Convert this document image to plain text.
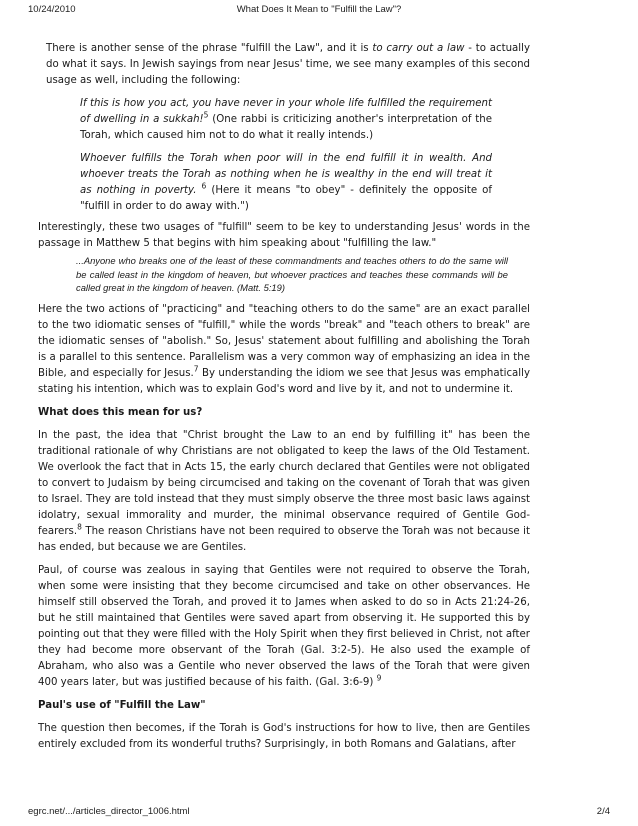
10/24/2010	What Does It Mean to "Fulfill the Law"?

There is another sense of the phrase "fulfill the Law", and it is to carry out a law - to actually do what it says. In Jewish sayings from near Jesus' time, we see many examples of this second usage as well, including the following:

If this is how you act, you have never in your whole life fulfilled the requirement of dwelling in a sukkah!$^5$ (One rabbi is criticizing another's interpretation of the Torah, which caused him not to do what it really intends.)

Whoever fulfills the Torah when poor will in the end fulfill it in wealth. And whoever treats the Torah as nothing when he is wealthy in the end will treat it as nothing in poverty. $^6$ (Here it means "to obey" - definitely the opposite of "fulfill in order to do away with.")

Interestingly, these two usages of "fulfill" seem to be key to understanding Jesus' words in the passage in Matthew 5 that begins with him speaking about "fulfilling the law."

...Anyone who breaks one of the least of these commandments and teaches others to do the same will be called least in the kingdom of heaven, but whoever practices and teaches these commands will be called great in the kingdom of heaven. (Matt. 5:19)

Here the two actions of "practicing" and "teaching others to do the same" are an exact parallel to the two idiomatic senses of "fulfill," while the words "break" and "teach others to break" are the idiomatic senses of "abolish." So, Jesus' statement about fulfilling and abolishing the Torah is a parallel to this sentence. Parallelism was a very common way of emphasizing an idea in the Bible, and especially for Jesus.$^7$ By understanding the idiom we see that Jesus was emphatically stating his intention, which was to explain God's word and live by it, and not to undermine it.

What does this mean for us?

In the past, the idea that "Christ brought the Law to an end by fulfilling it" has been the traditional rationale of why Christians are not obligated to keep the laws of the Old Testament. We overlook the fact that in Acts 15, the early church declared that Gentiles were not obligated to convert to Judaism by being circumcised and taking on the covenant of Torah that was given to Israel. They are told instead that they must simply observe the three most basic laws against idolatry, sexual immorality and murder, the minimal observance required of Gentile God-fearers.$^8$ The reason Christians have not been required to observe the Torah was not because it has ended, but because we are Gentiles.

Paul, of course was zealous in saying that Gentiles were not required to observe the Torah, when some were insisting that they become circumcised and take on other observances. He himself still observed the Torah, and proved it to James when asked to do so in Acts 21:24-26, but he still maintained that Gentiles were saved apart from observing it. He supported this by pointing out that they were filled with the Holy Spirit when they first believed in Christ, not after they had become more observant of the Torah (Gal. 3:2-5). He also used the example of Abraham, who also was a Gentile who never observed the laws of the Torah that were given 400 years later, but was justified because of his faith. (Gal. 3:6-9) $^9$

Paul's use of "Fulfill the Law"

The question then becomes, if the Torah is God's instructions for how to live, then are Gentiles entirely excluded from its wonderful truths? Surprisingly, in both Romans and Galatians, after

egrc.net/.../articles_director_1006.html	2/4
